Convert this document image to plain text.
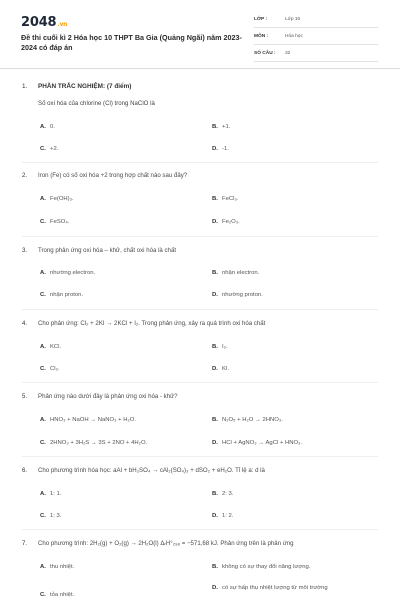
2048.vn
Đề thi cuối kì 2 Hóa học 10 THPT Ba Gia (Quảng Ngãi) năm 2023-2024 có đáp án
LỚP :	Lớp 10
MÔN :	Hóa học
SỐ CÂU : 32
1. PHẦN TRẮC NGHIỆM: (7 điểm)
Số oxi hóa của chlorine (Cl) trong NaClO là
A. 0.	B. +1.
C. +2.	D. -1.
2. Iron (Fe) có số oxi hóa +2 trong hợp chất nào sau đây?
A. Fe(OH)₃.	B. FeCl₃.
C. FeSO₄.	D. Fe₂O₃.
3. Trong phản ứng oxi hóa – khử, chất oxi hóa là chất
A. nhường electron.	B. nhận electron.
C. nhận proton.	D. nhường proton.
4. Cho phản ứng: Cl₂ + 2KI → 2KCl + I₂. Trong phản ứng, xảy ra quá trình oxi hóa chất
A. KCl.	B. I₂.
C. Cl₂.	D. KI.
5. Phản ứng nào dưới đây là phản ứng oxi hóa - khử?
A. HNO₃ + NaOH → NaNO₃ + H₂O.	B. N₂O₅ + H₂O → 2HNO₃.
C. 2HNO₃ + 3H₂S → 3S + 2NO + 4H₂O.	D. HCl + AgNO₃ → AgCl + HNO₃.
6. Cho phương trình hóa học: aAl + bH₂SO₄ → cAl₂(SO₄)₃ + dSO₂ + eH₂O. Tỉ lệ a: d là
A. 1: 1.	B. 2: 3.
C. 1: 3.	D. 1: 2.
7. Cho phương trình: 2H₂(g) + O₂(g) → 2H₂O(l) ΔᵣH°₂₉₈ = −571,68 kJ. Phản ứng trên là phản ứng
A. thu nhiệt.	B. không có sự thay đổi năng lượng.
C. tỏa nhiệt.
D. có sự hấp thụ nhiệt lượng từ môi trường
